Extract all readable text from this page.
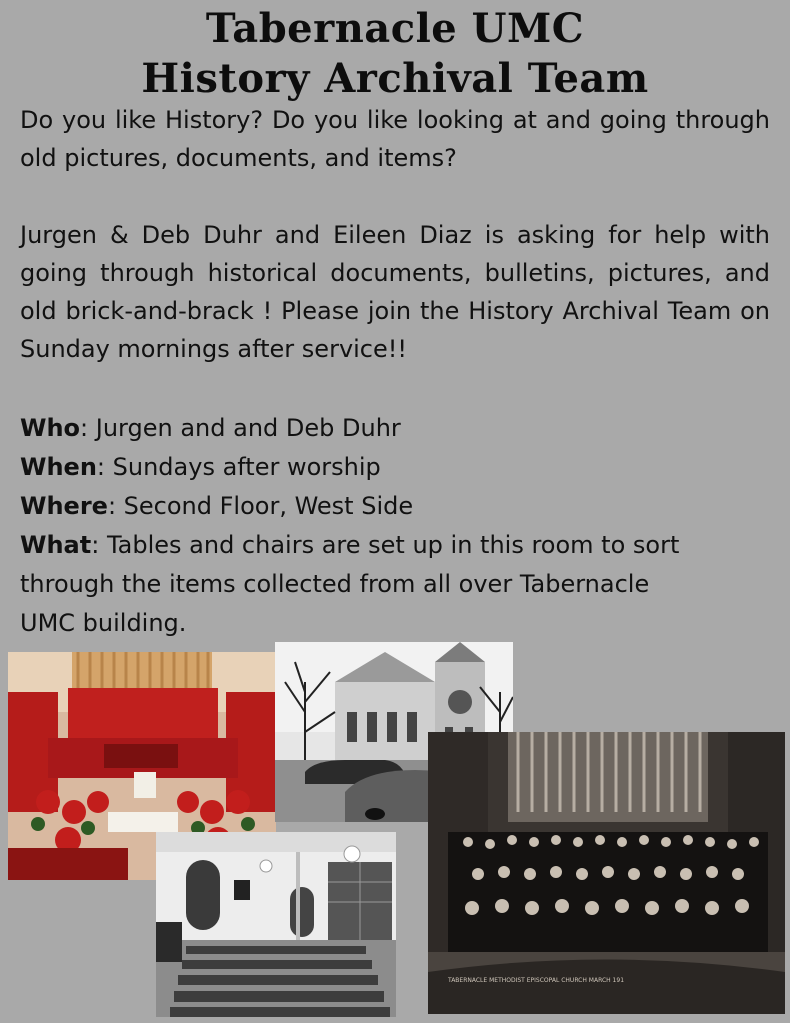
Tabernacle UMC
History Archival Team
Do you like History? Do you like looking at and going through old pictures, documents, and items?
Jurgen & Deb Duhr and Eileen Diaz is asking for help with going through historical documents, bulletins, pictures, and old brick-and-brack ! Please join the History Archival Team on Sunday mornings after service!!
Who: Jurgen and and Deb Duhr
When: Sundays after worship
Where: Second Floor, West Side
What: Tables and chairs are set up in this room to sort
through the items collected from all over Tabernacle
UMC building.
TABERNACLE METHODIST EPISCOPAL CHURCH MARCH 191
